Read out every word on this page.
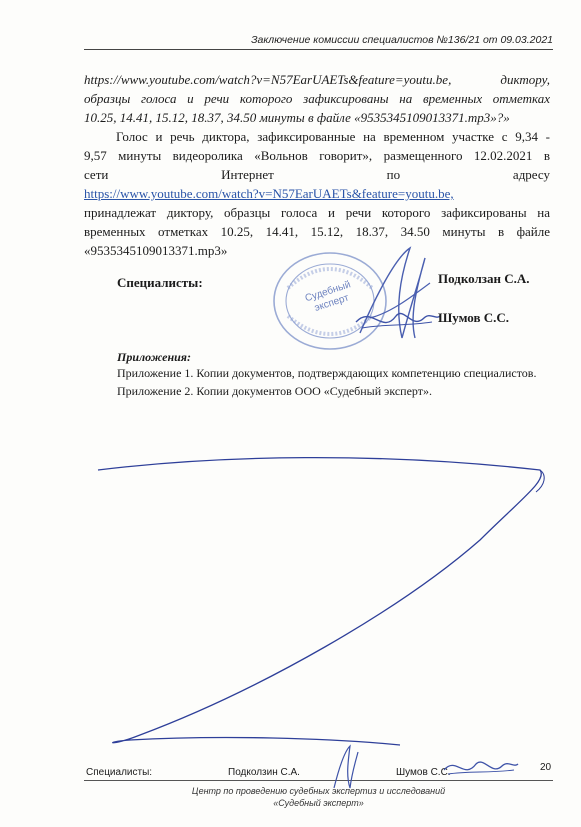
Заключение комиссии специалистов №136/21 от 09.03.2021
https://www.youtube.com/watch?v=N57EarUAETs&feature=youtu.be,	диктору,
образцы голоса и речи которого зафиксированы на временных отметках
10.25, 14.41, 15.12, 18.37, 34.50 минуты в файле «9535345109013371.mp3»?»
Голос и речь диктора, зафиксированные на временном участке с 9,34 -
9,57 минуты видеоролика «Вольнов говорит», размещенного 12.02.2021 в
сети	Интернет	по	адресу
https://www.youtube.com/watch?v=N57EarUAETs&feature=youtu.be,
принадлежат диктору, образцы голоса и речи которого зафиксированы на
временных отметках 10.25, 14.41, 15.12, 18.37, 34.50 минуты в файле
«9535345109013371.mp3»
Судебный эксперт
Специалисты:	Подколзан С.А.
Шумов С.С.
Приложения:
Приложение 1. Копии документов, подтверждающих компетенцию специалистов.
Приложение 2. Копии документов ООО «Судебный эксперт».
Специалисты:	Подколзин С.А.	Шумов С.С.	20
Центр по проведению судебных экспертиз и исследований
«Судебный эксперт»
